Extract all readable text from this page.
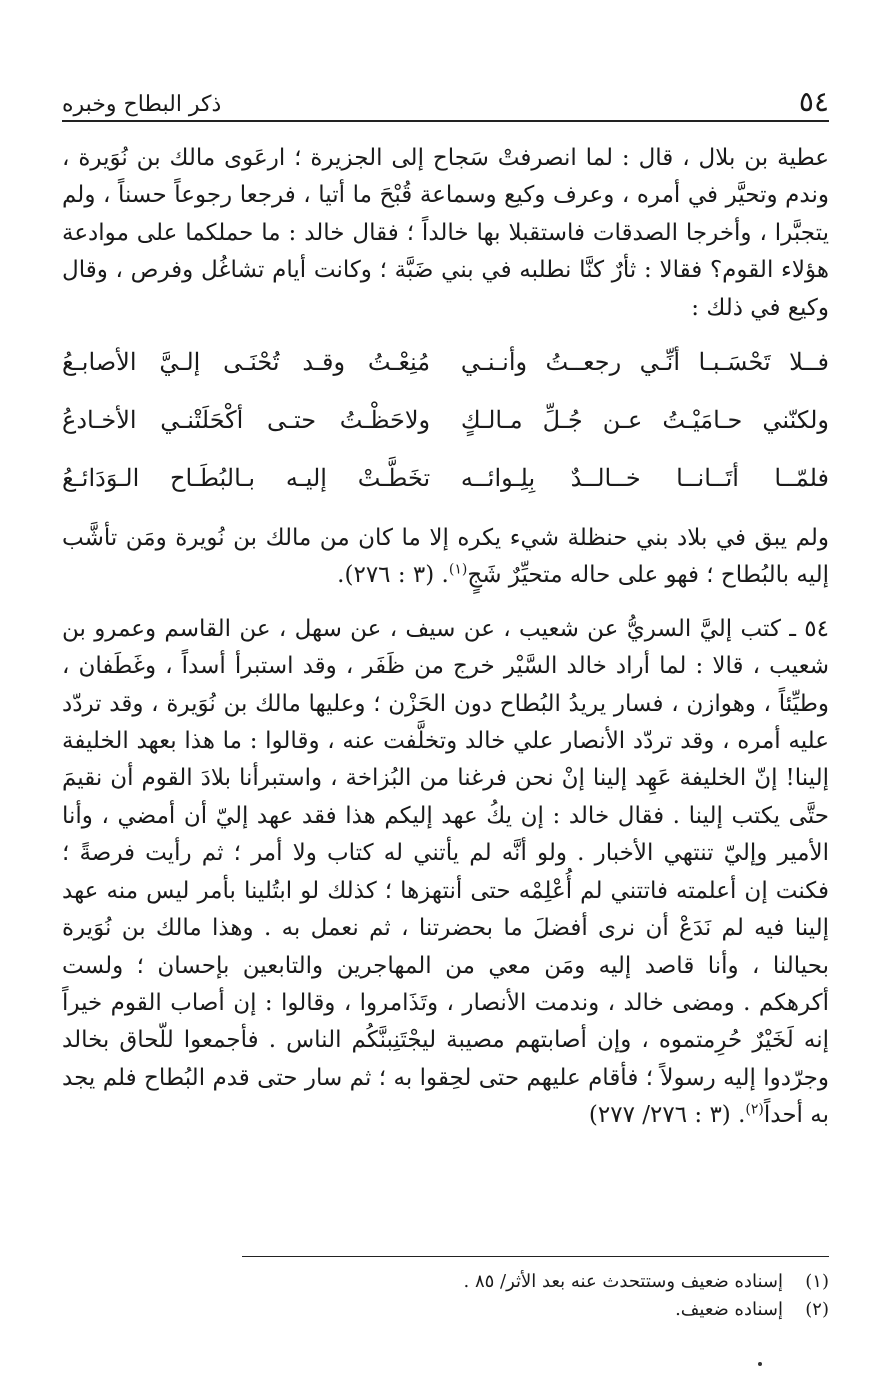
٥٤
ذكر البطاح وخبره

عطية بن بلال ، قال : لما انصرفتْ سَجاح إلى الجزيرة ؛ ارعَوى مالك بن نُوَيرة ، وندم وتحيَّر في أمره ، وعرف وكيع وسماعة قُبْحَ ما أتيا ، فرجعا رجوعاً حسناً ، ولم يتجبَّرا ، وأخرجا الصدقات فاستقبلا بها خالداً ؛ فقال خالد : ما حملكما على موادعة هؤلاء القوم؟ فقالا : ثأرٌ كنَّا نطلبه في بني ضَبَّة ؛ وكانت أيام تشاغُل وفرص ، وقال وكيع في ذلك :

فــلا تَحْسَـبـا أنِّـي رجعــتُ وأنـنـي
مُنِعْـتُ وقـد تُحْنَـى إلـيَّ الأصابـعُ
ولكنّني حـامَيْـتُ عـن جُـلِّ مـالـكٍ
ولاحَظْـتُ حتـى أكْحَلَتْنـي الأخـادعُ
فلمّــا أتَــانــا خــالــدٌ بِلِـوائــه
تخَطَّـتْ إليـه بـالبُطَـاح الـوَدَائـعُ

ولم يبق في بلاد بني حنظلة شيء يكره إلا ما كان من مالك بن نُويرة ومَن تأشَّب إليه بالبُطاح ؛ فهو على حاله متحيِّرٌ شَجٍ$^{(١)}$. (٣ : ٢٧٦).

٥٤ ـ كتب إليَّ السريُّ عن شعيب ، عن سيف ، عن سهل ، عن القاسم وعمرو بن شعيب ، قالا : لما أراد خالد السَّيْر خرج من ظَفَر ، وقد استبرأ أسداً ، وغَطَفان ، وطيِّئاً ، وهوازن ، فسار يريدُ البُطاح دون الحَزْن ؛ وعليها مالك بن نُوَيرة ، وقد تردّد عليه أمره ، وقد تردّد الأنصار علي خالد وتخلَّفت عنه ، وقالوا : ما هذا بعهد الخليفة إلينا! إنّ الخليفة عَهِد إلينا إنْ نحن فرغنا من البُزاخة ، واستبرأنا بلادَ القوم أن نقيمَ حتَّى يكتب إلينا . فقال خالد : إن يكُ عهد إليكم هذا فقد عهد إليّ أن أمضي ، وأنا الأمير وإليّ تنتهي الأخبار . ولو أنَّه لم يأتني له كتاب ولا أمر ؛ ثم رأيت فرصةً ؛ فكنت إن أعلمته فاتتني لم أُعْلِمْه حتى أنتهزها ؛ كذلك لو ابتُلينا بأمر ليس منه عهد إلينا فيه لم نَدَعْ أن نرى أفضلَ ما بحضرتنا ، ثم نعمل به . وهذا مالك بن نُوَيرة بحيالنا ، وأنا قاصد إليه ومَن معي من المهاجرين والتابعين بإحسان ؛ ولست أكرهكم . ومضى خالد ، وندمت الأنصار ، وتَذَامروا ، وقالوا : إن أصاب القوم خيراً إنه لَخَيْرٌ حُرِمتموه ، وإن أصابتهم مصيبة ليجْتَنِبنَّكُم الناس . فأجمعوا للّحاق بخالد وجرّدوا إليه رسولاً ؛ فأقام عليهم حتى لحِقوا به ؛ ثم سار حتى قدم البُطاح فلم يجد به أحداً$^{(٢)}$. (٣ : ٢٧٦/ ٢٧٧)

(١)
إسناده ضعيف وستتحدث عنه بعد الأثر/ ٨٥ .
(٢)
إسناده ضعيف.
